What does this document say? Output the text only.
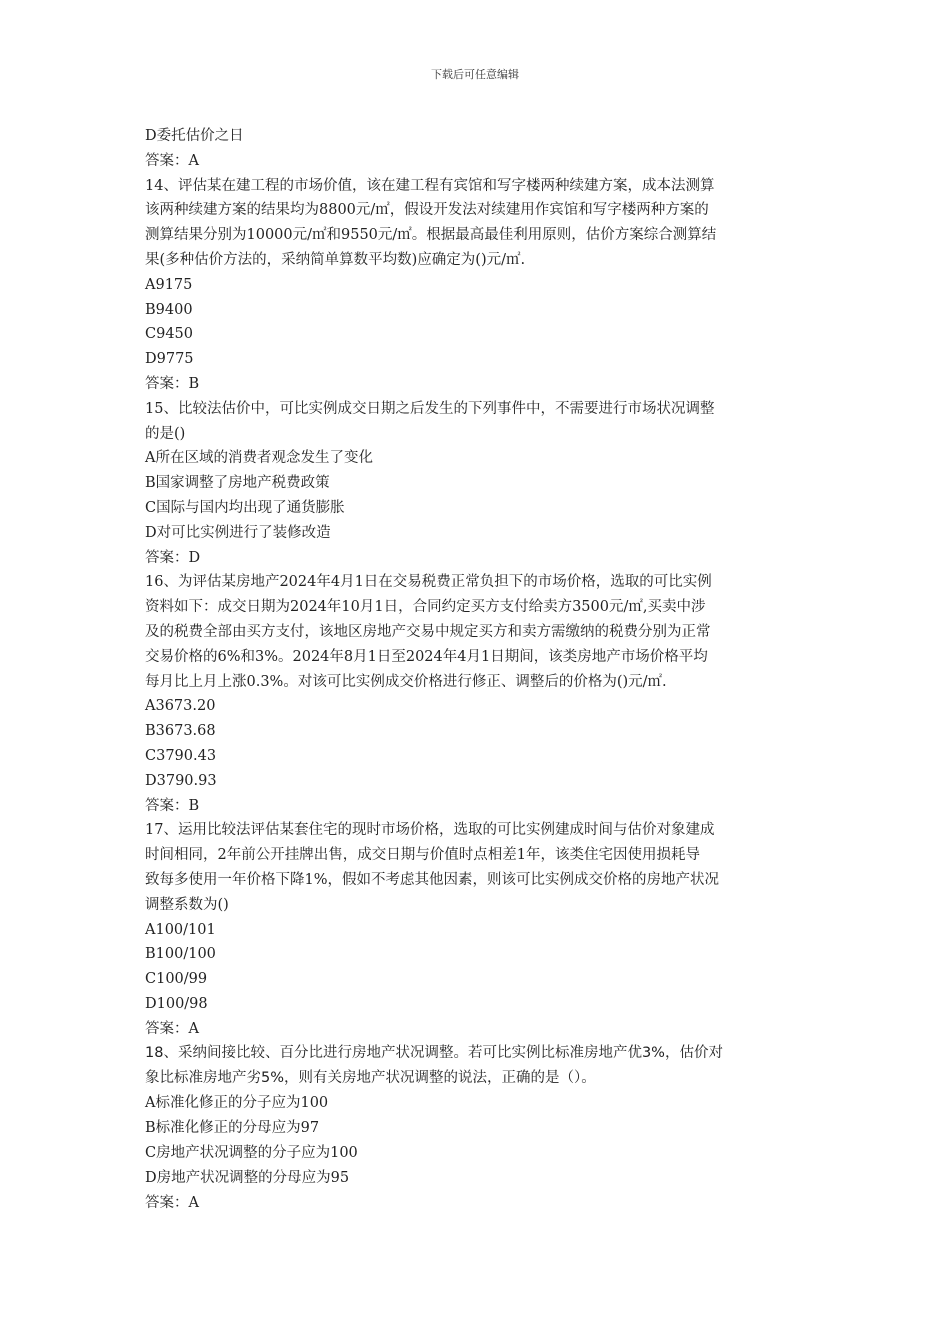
下载后可任意编辑
D委托估价之日
答案：A
14、评估某在建工程的市场价值，该在建工程有宾馆和写字楼两种续建方案，成本法测算
该两种续建方案的结果均为8800元/㎡，假设开发法对续建用作宾馆和写字楼两种方案的
测算结果分别为10000元/㎡和9550元/㎡。根据最高最佳利用原则，估价方案综合测算结
果(多种估价方法的，采纳简单算数平均数)应确定为()元/㎡.
A9175
B9400
C9450
D9775
答案：B
15、比较法估价中，可比实例成交日期之后发生的下列事件中，不需要进行市场状况调整
的是()
A所在区域的消费者观念发生了变化
B国家调整了房地产税费政策
C国际与国内均出现了通货膨胀
D对可比实例进行了装修改造
答案：D
16、为评估某房地产2024年4月1日在交易税费正常负担下的市场价格，选取的可比实例
资料如下：成交日期为2024年10月1日，合同约定买方支付给卖方3500元/㎡,买卖中涉
及的税费全部由买方支付，该地区房地产交易中规定买方和卖方需缴纳的税费分别为正常
交易价格的6%和3%。2024年8月1日至2024年4月1日期间，该类房地产市场价格平均
每月比上月上涨0.3%。对该可比实例成交价格进行修正、调整后的价格为()元/㎡.
A3673.20
B3673.68
C3790.43
D3790.93
答案：B
17、运用比较法评估某套住宅的现时市场价格，选取的可比实例建成时间与估价对象建成
时间相同，2年前公开挂牌出售，成交日期与价值时点相差1年，该类住宅因使用损耗导
致每多使用一年价格下降1%，假如不考虑其他因素，则该可比实例成交价格的房地产状况
调整系数为()
A100/101
B100/100
C100/99
D100/98
答案：A
18、采纳间接比较、百分比进行房地产状况调整。若可比实例比标准房地产优3%，估价对
象比标准房地产劣5%，则有关房地产状况调整的说法，正确的是（）。
A标准化修正的分子应为100
B标准化修正的分母应为97
C房地产状况调整的分子应为100
D房地产状况调整的分母应为95
答案：A
